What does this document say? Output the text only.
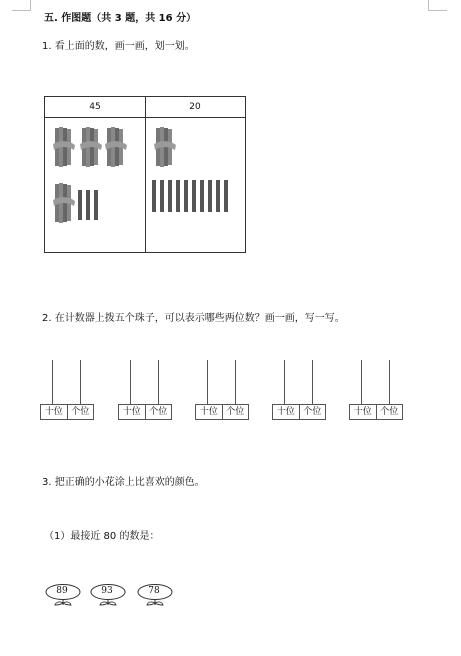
五. 作图题（共 3 题，共 16 分）
1. 看上面的数，画一画，划一划。
45	20
2. 在计数器上拨五个珠子，可以表示哪些两位数？画一画，写一写。
十位 个位	十位 个位	十位 个位	十位 个位	十位 个位
3. 把正确的小花涂上比喜欢的颜色。
（1）最接近 80 的数是：
89	93	78
